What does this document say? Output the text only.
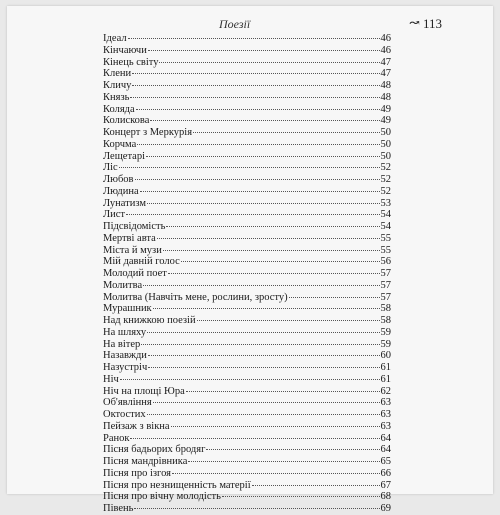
Поезії	↝ 113
Ідеал	46
Кінчаючи	46
Кінець світу	47
Клени	47
Кличу	48
Князь	48
Коляда	49
Колискова	49
Концерт з Меркурія	50
Корчма	50
Лещетарі	50
Ліс	52
Любов	52
Людина	52
Лунатизм	53
Лист	54
Підсвідомість	54
Мертві авта	55
Міста й музи	55
Мій давній голос	56
Молодий поет	57
Молитва	57
Молитва (Навчіть мене, рослини, зросту)	57
Мурашник	58
Над книжкою поезій	58
На шляху	59
На вітер	59
Назавжди	60
Назустріч	61
Ніч	61
Ніч на площі Юра	62
Об'явління	63
Октостих	63
Пейзаж з вікна	63
Ранок	64
Пісня бадьорих бродяг	64
Пісня мандрівника	65
Пісня про ізгоя	66
Пісня про незнищенність матерії	67
Пісня про вічну молодість	68
Півень	69
